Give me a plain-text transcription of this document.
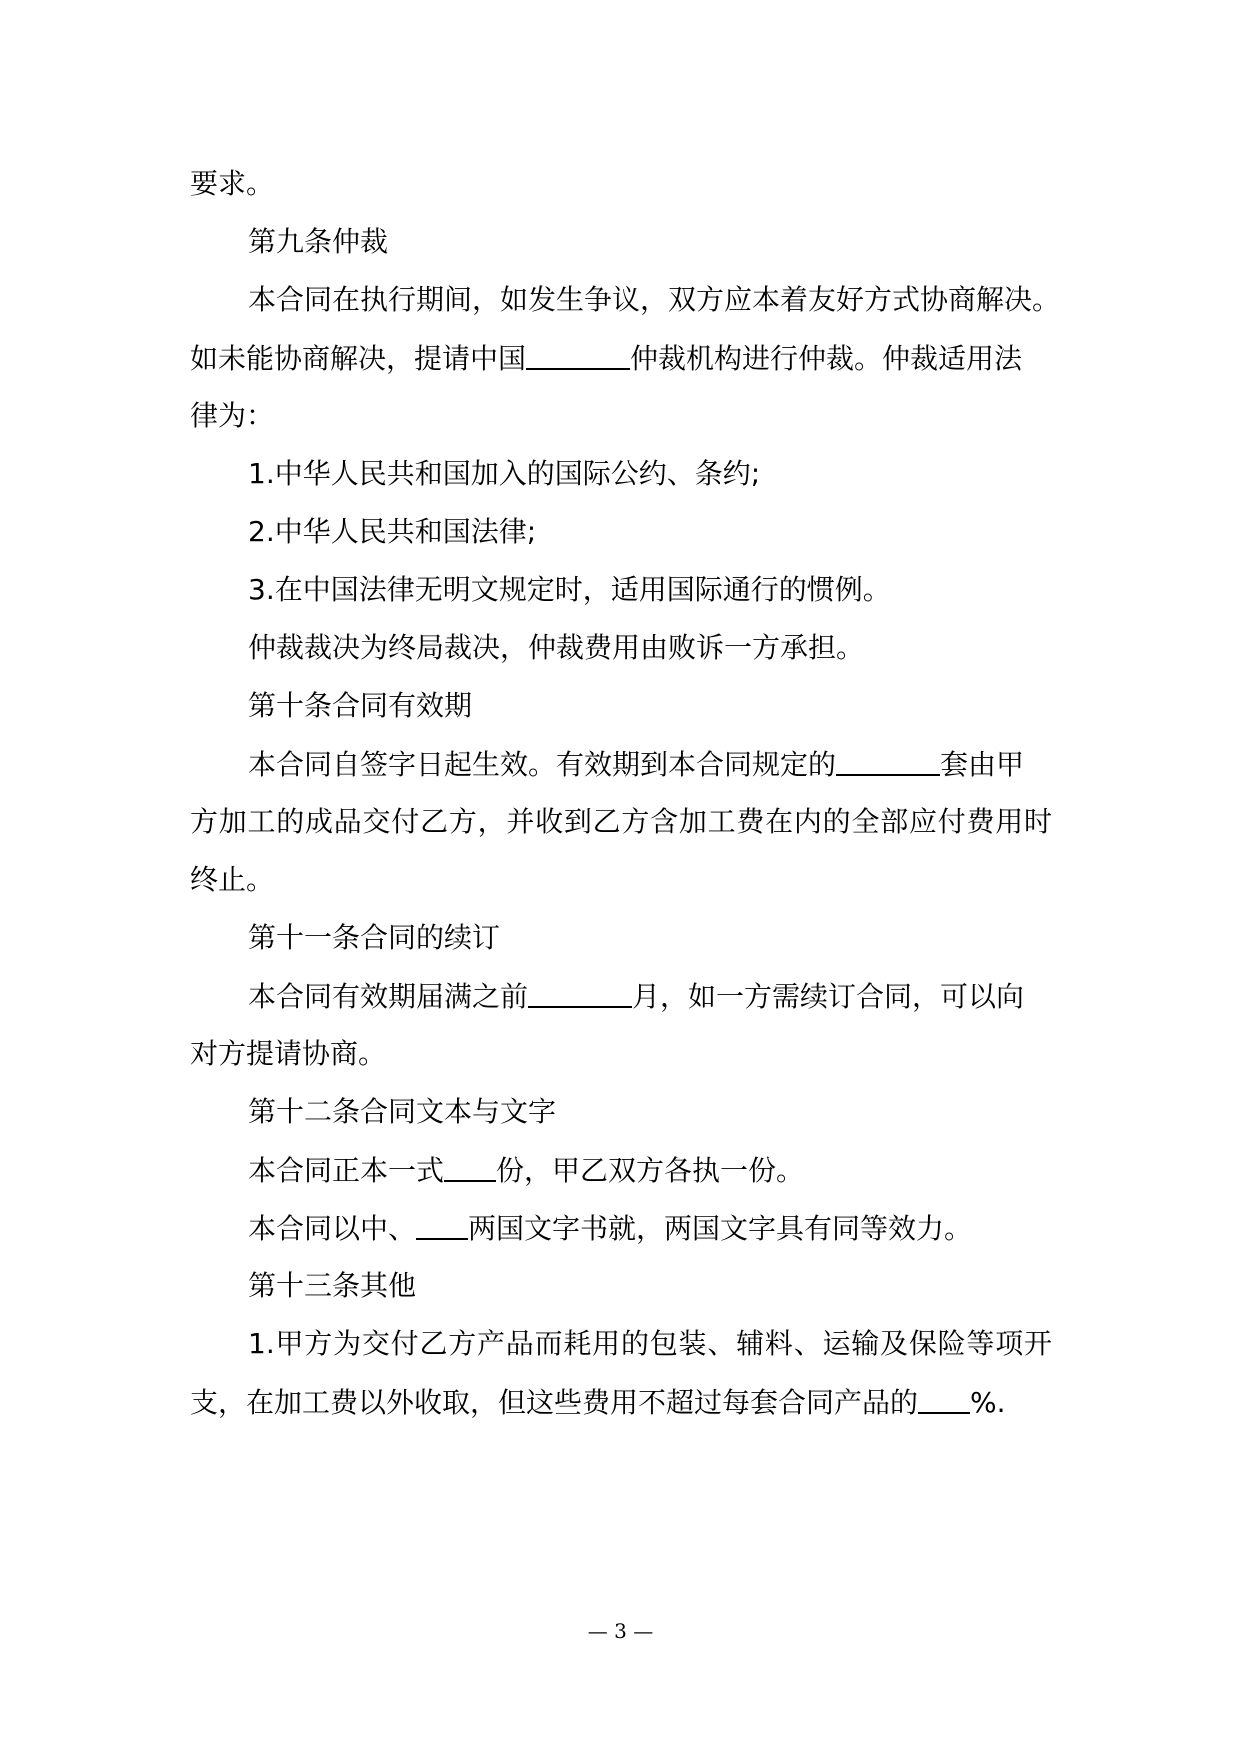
要求。
第九条仲裁
本合同在执行期间，如发生争议，双方应本着友好方式协商解决。
如未能协商解决，提请中国	仲裁机构进行仲裁。仲裁适用法
律为：
1.中华人民共和国加入的国际公约、条约;
2.中华人民共和国法律;
3.在中国法律无明文规定时，适用国际通行的惯例。
仲裁裁决为终局裁决，仲裁费用由败诉一方承担。
第十条合同有效期
本合同自签字日起生效。有效期到本合同规定的	套由甲
方加工的成品交付乙方，并收到乙方含加工费在内的全部应付费用时
终止。
第十一条合同的续订
本合同有效期届满之前	月，如一方需续订合同，可以向
对方提请协商。
第十二条合同文本与文字
本合同正本一式 份，甲乙双方各执一份。
本合同以中、 两国文字书就，两国文字具有同等效力。
第十三条其他
1.甲方为交付乙方产品而耗用的包装、辅料、运输及保险等项开
支，在加工费以外收取，但这些费用不超过每套合同产品的 %.
— 3 —
